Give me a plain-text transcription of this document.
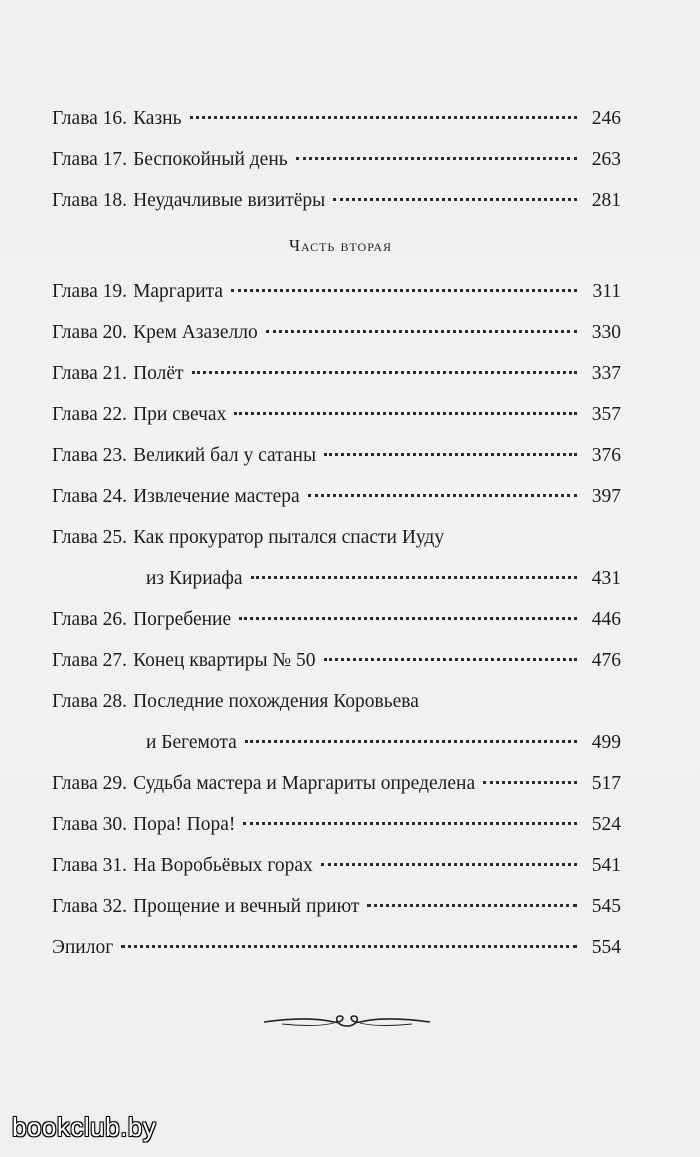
Глава 16. Казнь	246
Глава 17. Беспокойный день	263
Глава 18. Неудачливые визитёры	281
Часть вторая
Глава 19. Маргарита	311
Глава 20. Крем Азазелло	330
Глава 21. Полёт	337
Глава 22. При свечах	357
Глава 23. Великий бал у сатаны	376
Глава 24. Извлечение мастера	397
Глава 25. Как прокуратор пытался спасти Иуду
из Кириафа	431
Глава 26. Погребение	446
Глава 27. Конец квартиры № 50	476
Глава 28. Последние похождения Коровьева
и Бегемота	499
Глава 29. Судьба мастера и Маргариты определена	517
Глава 30. Пора! Пора!	524
Глава 31. На Воробьёвых горах	541
Глава 32. Прощение и вечный приют	545
Эпилог	554
bookclub.by
